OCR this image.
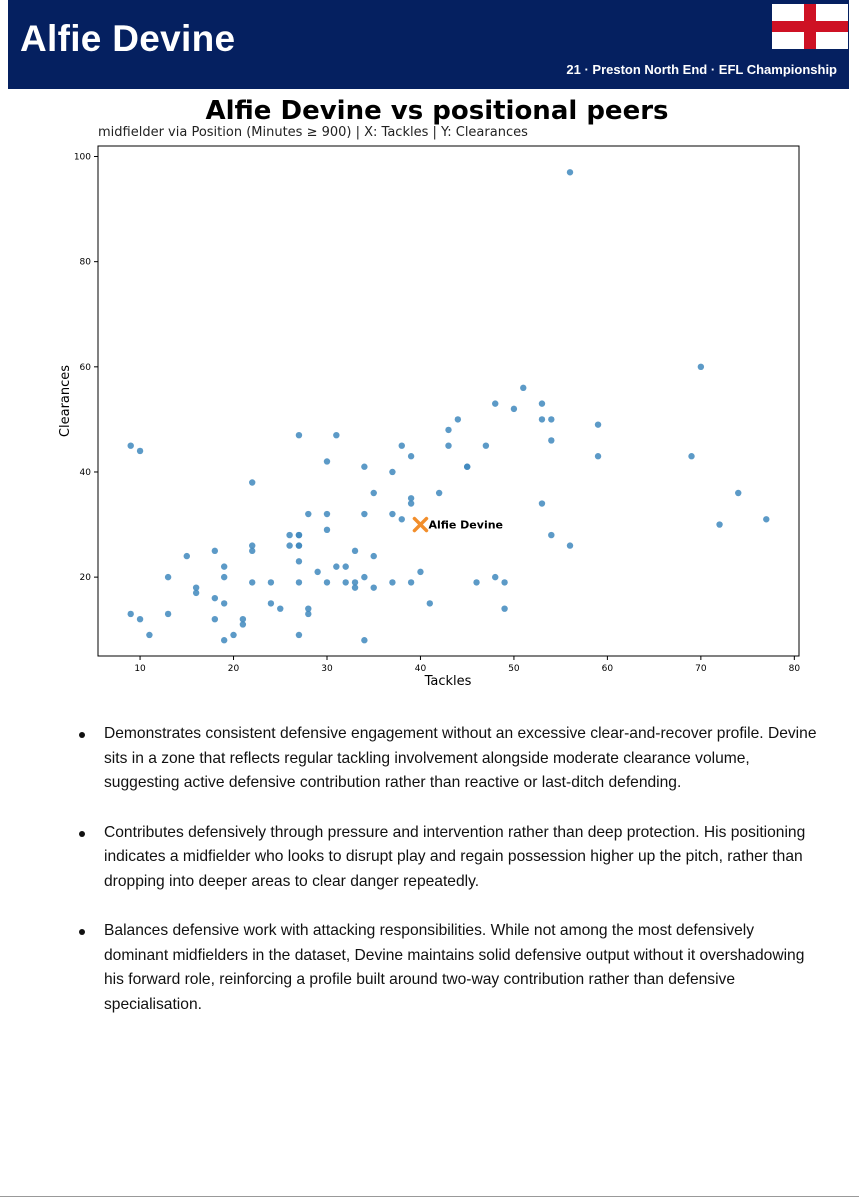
Alfie Devine
21 · Preston North End · EFL Championship
Alfie Devine vs positional peers
midfielder via Position (Minutes ≥ 900) | X: Tackles | Y: Clearances
10	20	30	40	50	60	70	80
20
40
60
80
100
Tackles
Clearances
Alfie Devine
Demonstrates consistent defensive engagement without an excessive clear-and-recover profile. Devine sits in a zone that reflects regular tackling involvement alongside moderate clearance volume, suggesting active defensive contribution rather than reactive or last-ditch defending.
Contributes defensively through pressure and intervention rather than deep protection. His positioning indicates a midfielder who looks to disrupt play and regain possession higher up the pitch, rather than dropping into deeper areas to clear danger repeatedly.
Balances defensive work with attacking responsibilities. While not among the most defensively dominant midfielders in the dataset, Devine maintains solid defensive output without it overshadowing his forward role, reinforcing a profile built around two-way contribution rather than defensive specialisation.
